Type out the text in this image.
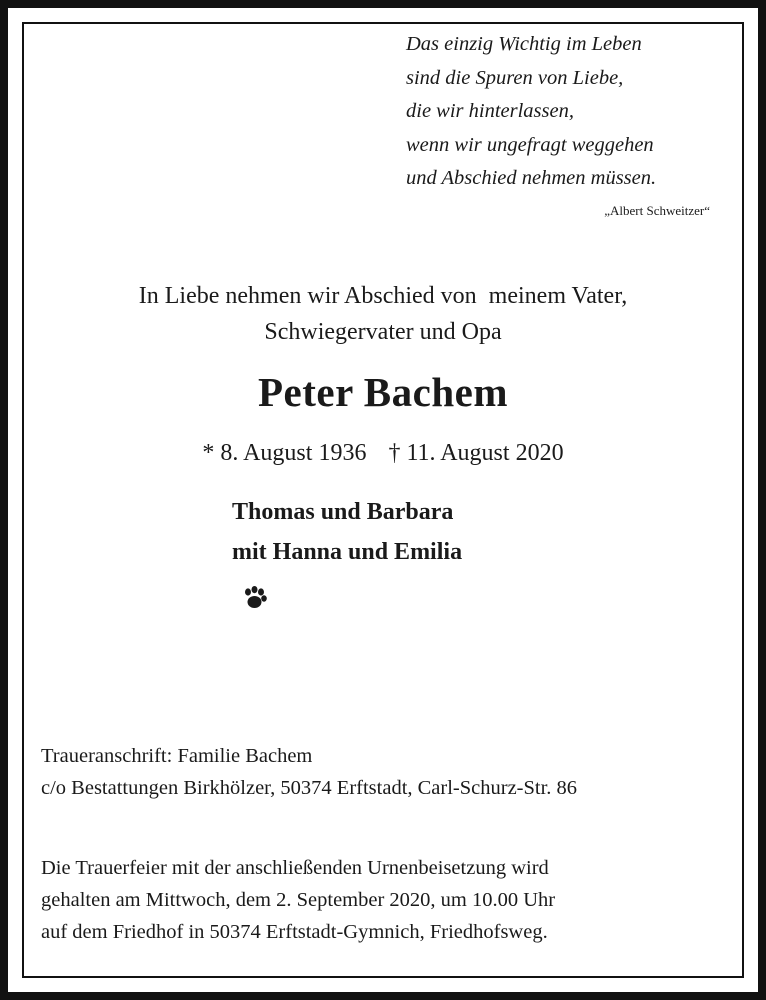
Das einzig Wichtig im Leben
sind die Spuren von Liebe,
die wir hinterlassen,
wenn wir ungefragt weggehen
und Abschied nehmen müssen.
„Albert Schweitzer“
In Liebe nehmen wir Abschied von  meinem Vater,
Schwiegervater und Opa
Peter Bachem
* 8. August 1936 † 11. August 2020
Thomas und Barbara
mit Hanna und Emilia
Traueranschrift: Familie Bachem
c/o Bestattungen Birkhölzer, 50374 Erftstadt, Carl-Schurz-Str. 86
Die Trauerfeier mit der anschließenden Urnenbeisetzung wird
gehalten am Mittwoch, dem 2. September 2020, um 10.00 Uhr
auf dem Friedhof in 50374 Erftstadt-Gymnich, Friedhofsweg.
